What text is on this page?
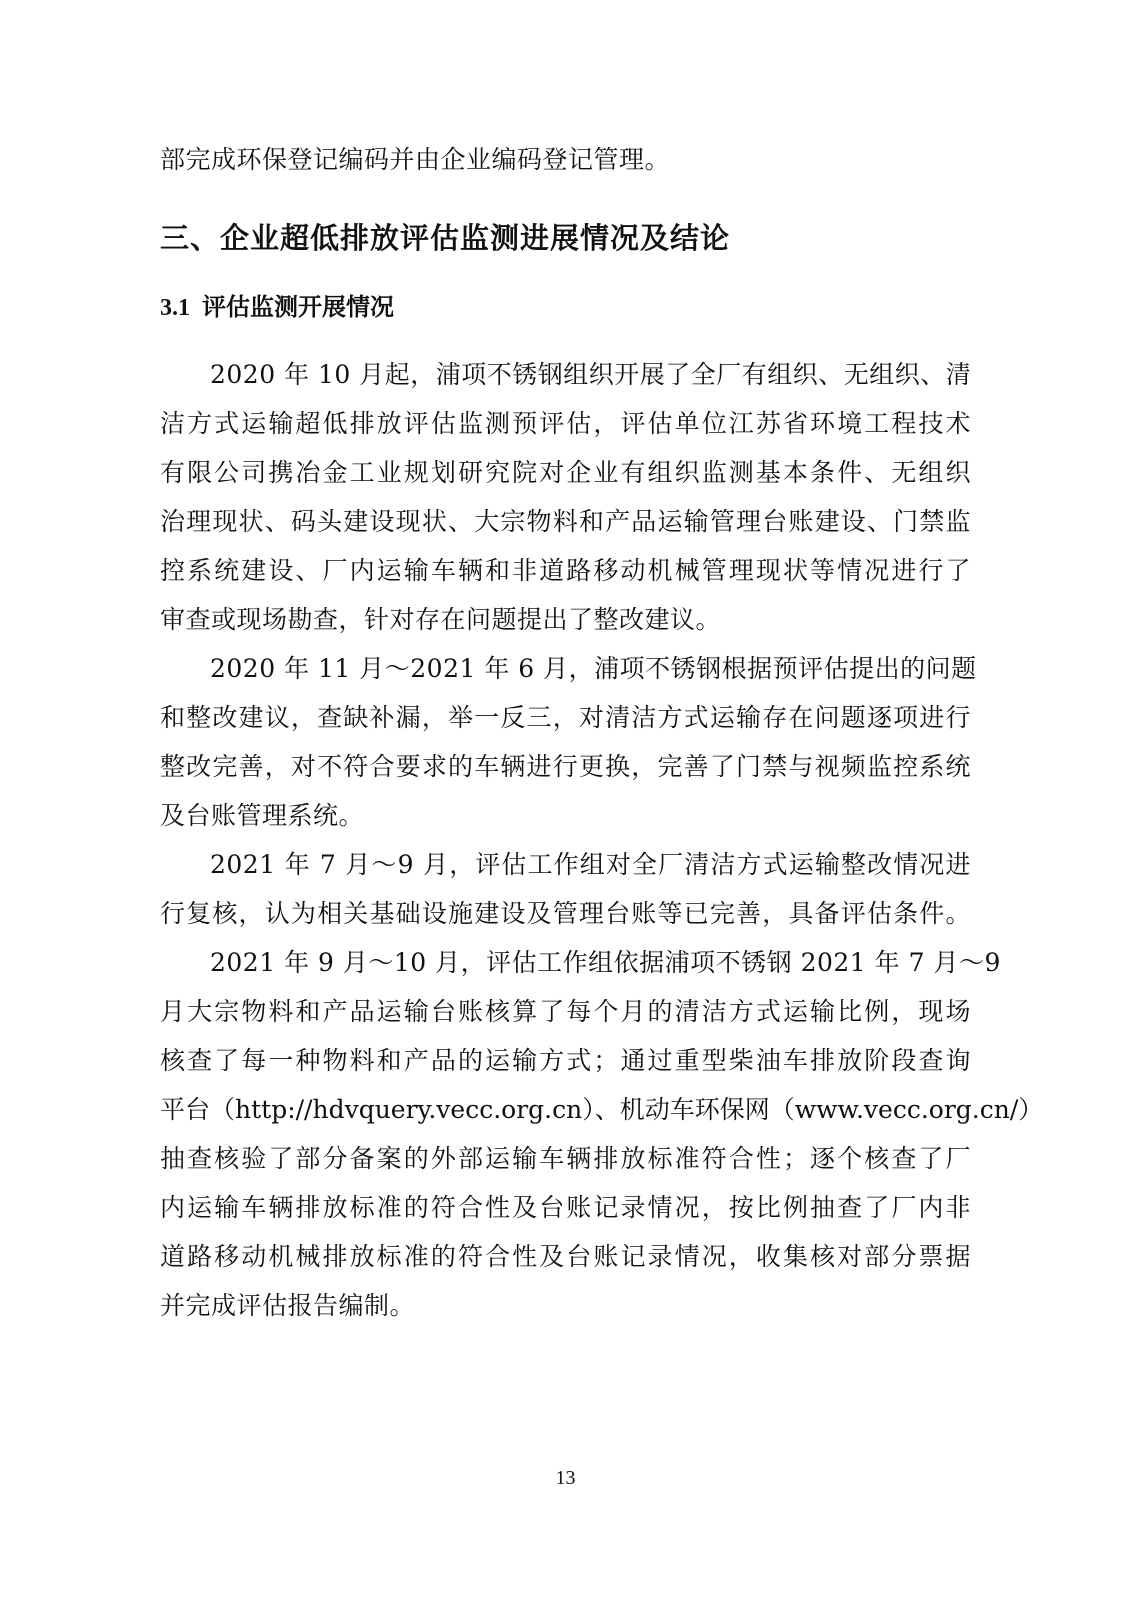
部完成环保登记编码并由企业编码登记管理。
三、企业超低排放评估监测进展情况及结论
3.1 评估监测开展情况
2020 年 10 月起，浦项不锈钢组织开展了全厂有组织、无组织、清
洁方式运输超低排放评估监测预评估，评估单位江苏省环境工程技术
有限公司携冶金工业规划研究院对企业有组织监测基本条件、无组织
治理现状、码头建设现状、大宗物料和产品运输管理台账建设、门禁监
控系统建设、厂内运输车辆和非道路移动机械管理现状等情况进行了
审查或现场勘查，针对存在问题提出了整改建议。
2020 年 11 月～2021 年 6 月，浦项不锈钢根据预评估提出的问题
和整改建议，查缺补漏，举一反三，对清洁方式运输存在问题逐项进行
整改完善，对不符合要求的车辆进行更换，完善了门禁与视频监控系统
及台账管理系统。
2021 年 7 月～9 月，评估工作组对全厂清洁方式运输整改情况进
行复核，认为相关基础设施建设及管理台账等已完善，具备评估条件。
2021 年 9 月～10 月，评估工作组依据浦项不锈钢 2021 年 7 月～9
月大宗物料和产品运输台账核算了每个月的清洁方式运输比例，现场
核查了每一种物料和产品的运输方式；通过重型柴油车排放阶段查询
平台（http://hdvquery.vecc.org.cn）、机动车环保网（www.vecc.org.cn/）
抽查核验了部分备案的外部运输车辆排放标准符合性；逐个核查了厂
内运输车辆排放标准的符合性及台账记录情况，按比例抽查了厂内非
道路移动机械排放标准的符合性及台账记录情况，收集核对部分票据
并完成评估报告编制。
13
